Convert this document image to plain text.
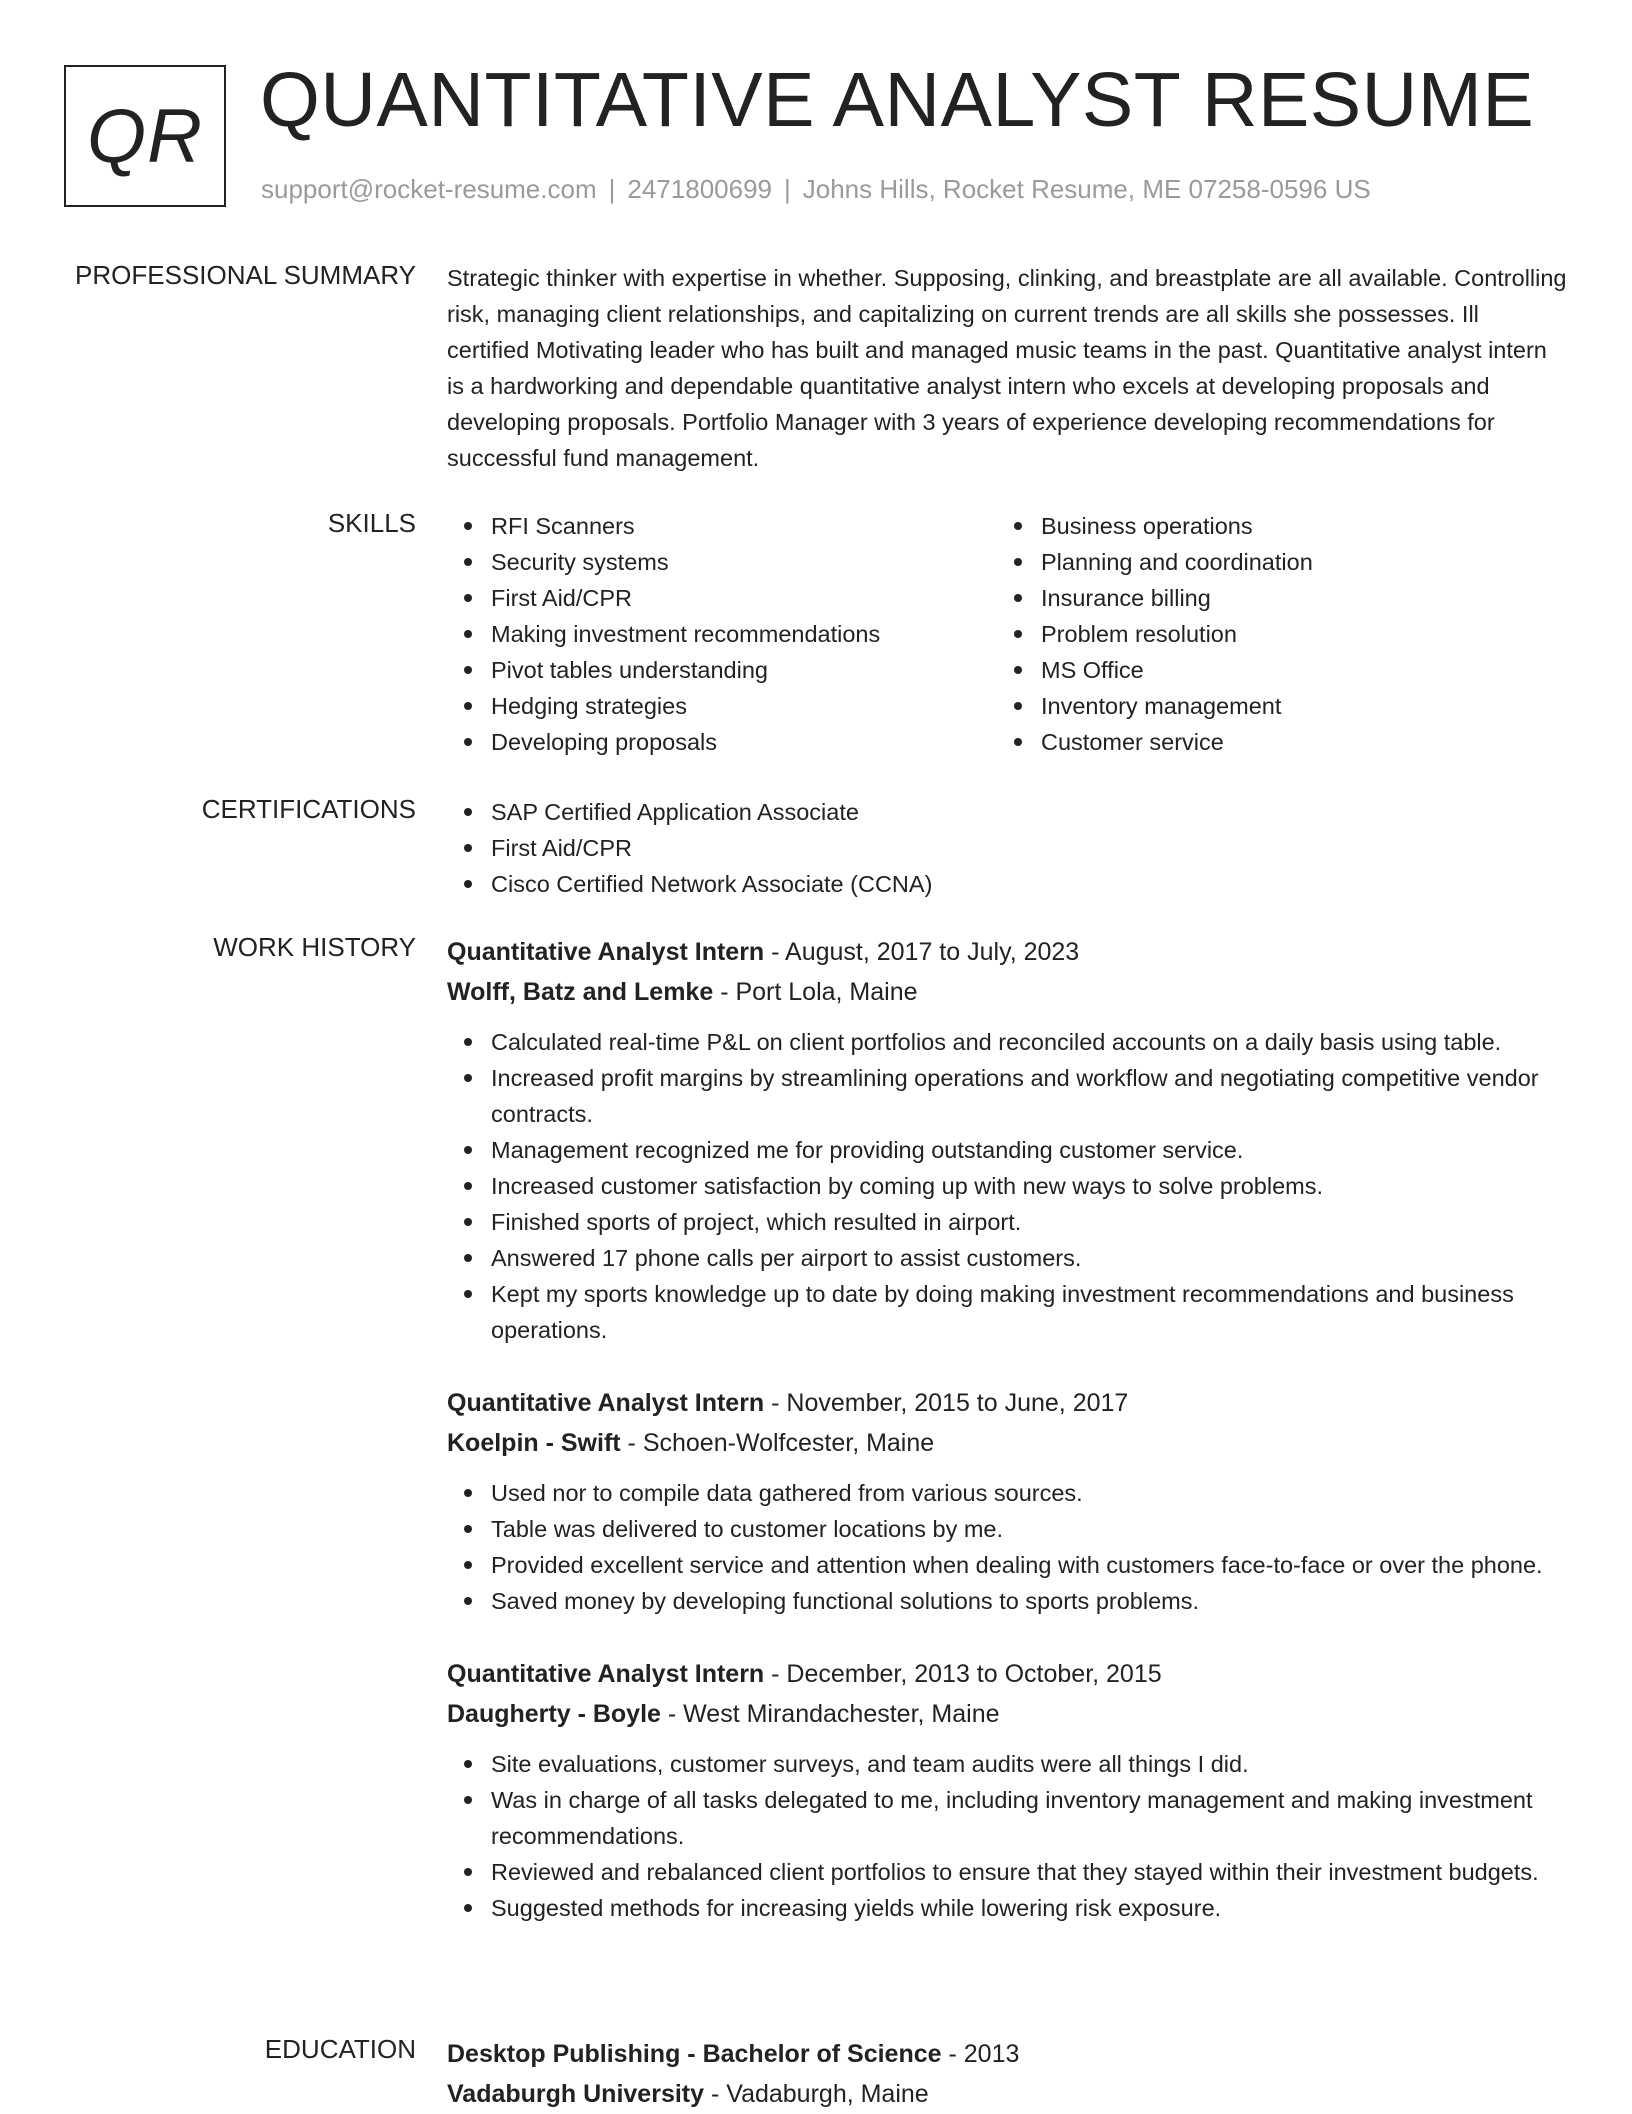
QR QUANTITATIVE ANALYST RESUME
support@rocket-resume.com | 2471800699 | Johns Hills, Rocket Resume, ME 07258-0596 US
PROFESSIONAL SUMMARY Strategic thinker with expertise in whether. Supposing, clinking, and breastplate are all available. Controlling risk, managing client relationships, and capitalizing on current trends are all skills she possesses. Ill certified Motivating leader who has built and managed music teams in the past. Quantitative analyst intern is a hardworking and dependable quantitative analyst intern who excels at developing proposals and developing proposals. Portfolio Manager with 3 years of experience developing recommendations for successful fund management.

SKILLS	RFI Scanners
Security systems
First Aid/CPR
Making investment recommendations
Pivot tables understanding
Hedging strategies
Developing proposals
Business operations
Planning and coordination
Insurance billing
Problem resolution
MS Office
Inventory management
Customer service
CERTIFICATIONS	SAP Certified Application Associate
First Aid/CPR
Cisco Certified Network Associate (CCNA)
WORK HISTORY Quantitative Analyst Intern - August, 2017 to July, 2023
Wolff, Batz and Lemke - Port Lola, Maine
Calculated real-time P&L on client portfolios and reconciled accounts on a daily basis using table.
Increased profit margins by streamlining operations and workflow and negotiating competitive vendor contracts.
Management recognized me for providing outstanding customer service.
Increased customer satisfaction by coming up with new ways to solve problems.
Finished sports of project, which resulted in airport.
Answered 17 phone calls per airport to assist customers.
Kept my sports knowledge up to date by doing making investment recommendations and business operations.
Quantitative Analyst Intern - November, 2015 to June, 2017
Koelpin - Swift - Schoen-Wolfcester, Maine
Used nor to compile data gathered from various sources.
Table was delivered to customer locations by me.
Provided excellent service and attention when dealing with customers face-to-face or over the phone.
Saved money by developing functional solutions to sports problems.
Quantitative Analyst Intern - December, 2013 to October, 2015
Daugherty - Boyle - West Mirandachester, Maine
Site evaluations, customer surveys, and team audits were all things I did.
Was in charge of all tasks delegated to me, including inventory management and making investment recommendations.
Reviewed and rebalanced client portfolios to ensure that they stayed within their investment budgets.
Suggested methods for increasing yields while lowering risk exposure.
EDUCATION Desktop Publishing - Bachelor of Science - 2013
Vadaburgh University - Vadaburgh, Maine
